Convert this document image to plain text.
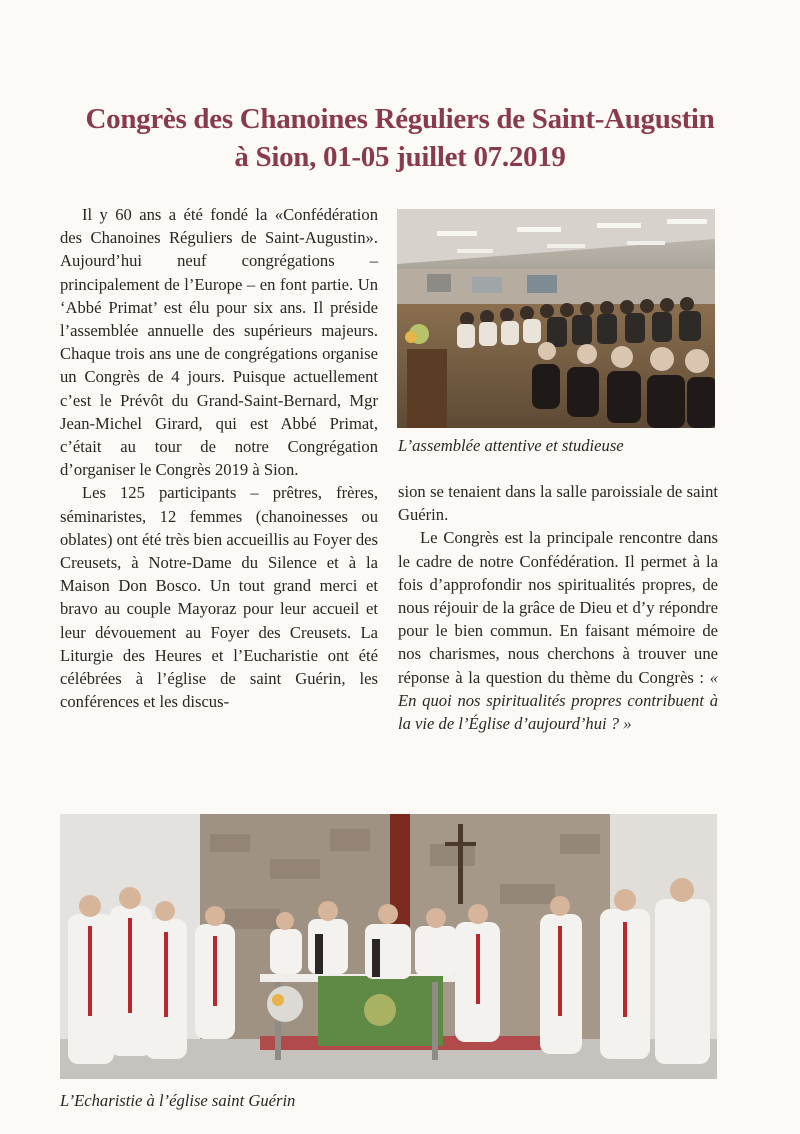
Congrès des Chanoines Réguliers de Saint-Augustin
à Sion, 01-05 juillet 07.2019

Il y 60 ans a été fondé la «Confédération des Chanoines Réguliers de Saint-Augustin». Aujourd’hui neuf congrégations – principalement de l’Europe – en font partie. Un ‘Abbé Primat’ est élu pour six ans. Il préside l’assemblée annuelle des supérieurs majeurs. Chaque trois ans une de congrégations organise un Congrès de 4 jours. Puisque actuellement c’est le Prévôt du Grand-Saint-Bernard, Mgr Jean-Michel Girard, qui est Abbé Primat, c’était au tour de notre Congrégation d’organiser le Congrès 2019 à Sion.

Les 125 participants – prêtres, frères, séminaristes, 12 femmes (chanoinesses ou oblates) ont été très bien accueillis au Foyer des Creusets, à Notre-Dame du Silence et à la Maison Don Bosco. Un tout grand merci et bravo au couple Mayoraz pour leur accueil et leur dévouement au Foyer des Creusets. La Liturgie des Heures et l’Eucharistie ont été célébrées à l’église de saint Guérin, les conférences et les discus-

L’assemblée attentive et studieuse

sion se tenaient dans la salle paroissiale de saint Guérin.

Le Congrès est la principale rencontre dans le cadre de notre Confédération. Il permet à la fois d’approfondir nos spiritualités propres, de nous réjouir de la grâce de Dieu et d’y répondre pour le bien commun. En faisant mémoire de nos charismes, nous cherchons à trouver une réponse à la question du thème du Congrès : « En quoi nos spiritualités propres contribuent à la vie de l’Église d’aujourd’hui ? »

L’Echaristie à l’église saint Guérin
